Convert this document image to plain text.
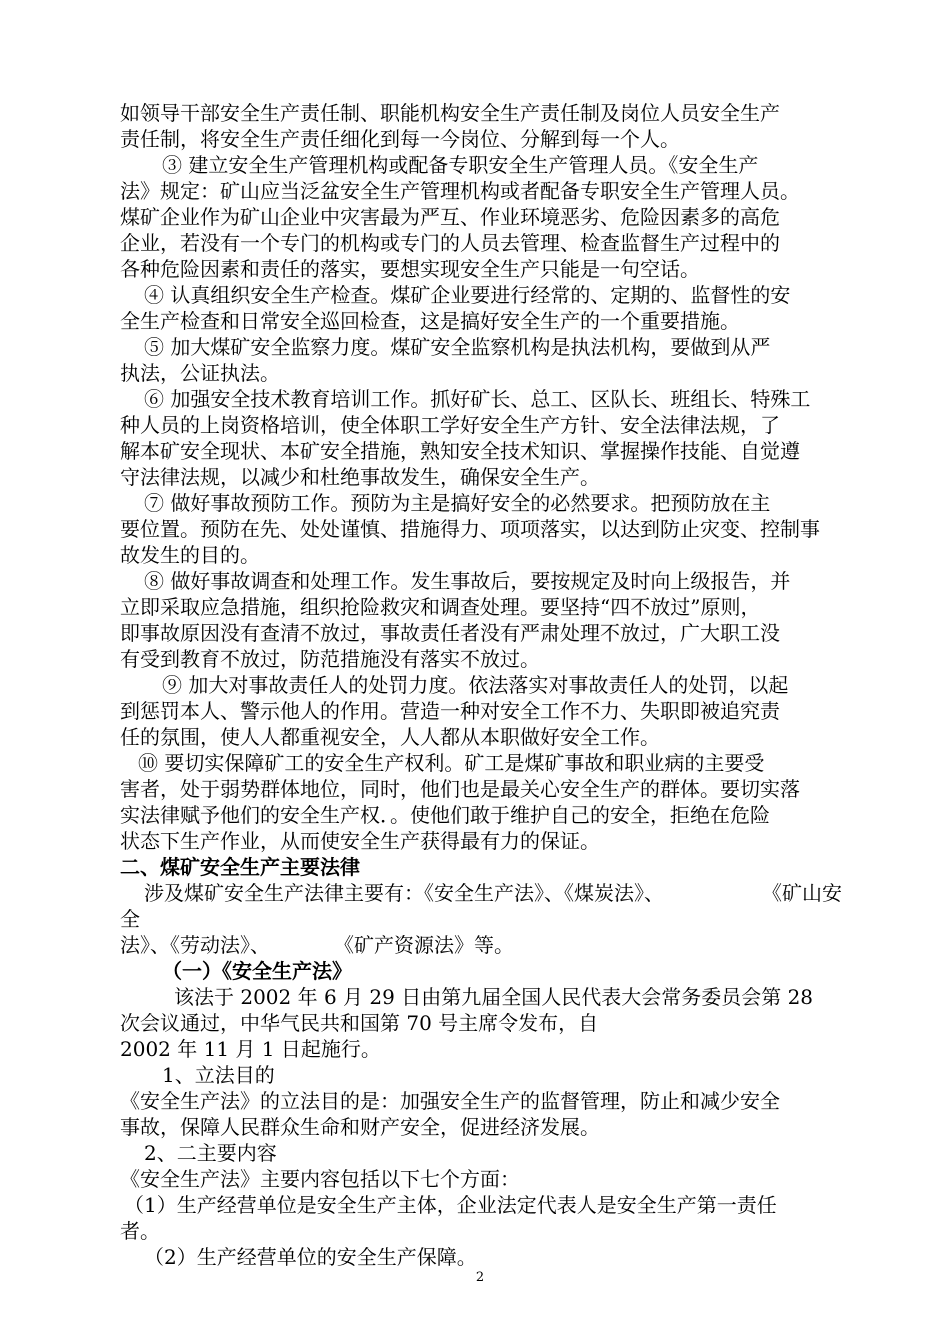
如领导干部安全生产责任制、职能机构安全生产责任制及岗位人员安全生产
责任制，将安全生产责任细化到每一今岗位、分解到每一个人。
③ 建立安全生产管理机构或配备专职安全生产管理人员。《安全生产
法》规定：矿山应当泛盆安全生产管理机构或者配备专职安全生产管理人员。
煤矿企业作为矿山企业中灾害最为严互、作业环境恶劣、危险因素多的高危
企业，若没有一个专门的机构或专门的人员去管理、检查监督生产过程中的
各种危险因素和责任的落实，要想实现安全生产只能是一句空话。
④ 认真组织安全生产检查。煤矿企业要进行经常的、定期的、监督性的安
全生产检查和日常安全巡回检查，这是搞好安全生产的一个重要措施。
⑤ 加大煤矿安全监察力度。煤矿安全监察机构是执法机构，要做到从严
执法，公证执法。
⑥ 加强安全技术教育培训工作。抓好矿长、总工、区队长、班组长、特殊工
种人员的上岗资格培训，使全体职工学好安全生产方针、安全法律法规，了
解本矿安全现状、本矿安全措施，熟知安全技术知识、掌握操作技能、自觉遵
守法律法规，以减少和杜绝事故发生，确保安全生产。
⑦ 做好事故预防工作。预防为主是搞好安全的必然要求。把预防放在主
要位置。预防在先、处处谨慎、措施得力、项项落实，以达到防止灾变、控制事
故发生的目的。
⑧ 做好事故调查和处理工作。发生事故后，要按规定及时向上级报告，并
立即采取应急措施，组织抢险救灾和调查处理。要坚持“四不放过”原则，
即事故原因没有查清不放过，事故责任者没有严肃处理不放过，广大职工没
有受到教育不放过，防范措施没有落实不放过。
⑨ 加大对事故责任人的处罚力度。依法落实对事故责任人的处罚，以起
到惩罚本人、警示他人的作用。营造一种对安全工作不力、失职即被追究责
任的氛围，使人人都重视安全，人人都从本职做好安全工作。
⑩ 要切实保障矿工的安全生产权利。矿工是煤矿事故和职业病的主要受
害者，处于弱势群体地位，同时，他们也是最关心安全生产的群体。要切实落
实法律赋予他们的安全生产权．。使他们敢于维护自己的安全，拒绝在危险
状态下生产作业，从而使安全生产获得最有力的保证。
二、煤矿安全生产主要法律
涉及煤矿安全生产法律主要有：《安全生产法》、《煤炭法》、	《矿山安
全
法》、《劳动法》、	《矿产资源法》等。
（一）《安全生产法》
该法于 2002 年 6 月 29 日由第九届全国人民代表大会常务委员会第 28
次会议通过，中华气民共和国第 70 号主席令发布，自
2002 年 11 月 1 日起施行。
1、立法目的
《安全生产法》的立法目的是：加强安全生产的监督管理，防止和减少安全
事故，保障人民群众生命和财产安全，促进经济发展。
2、二主要内容
《安全生产法》主要内容包括以下七个方面：
（1）生产经营单位是安全生产主体，企业法定代表人是安全生产第一责任
者。
（2）生产经营单位的安全生产保障。
2
